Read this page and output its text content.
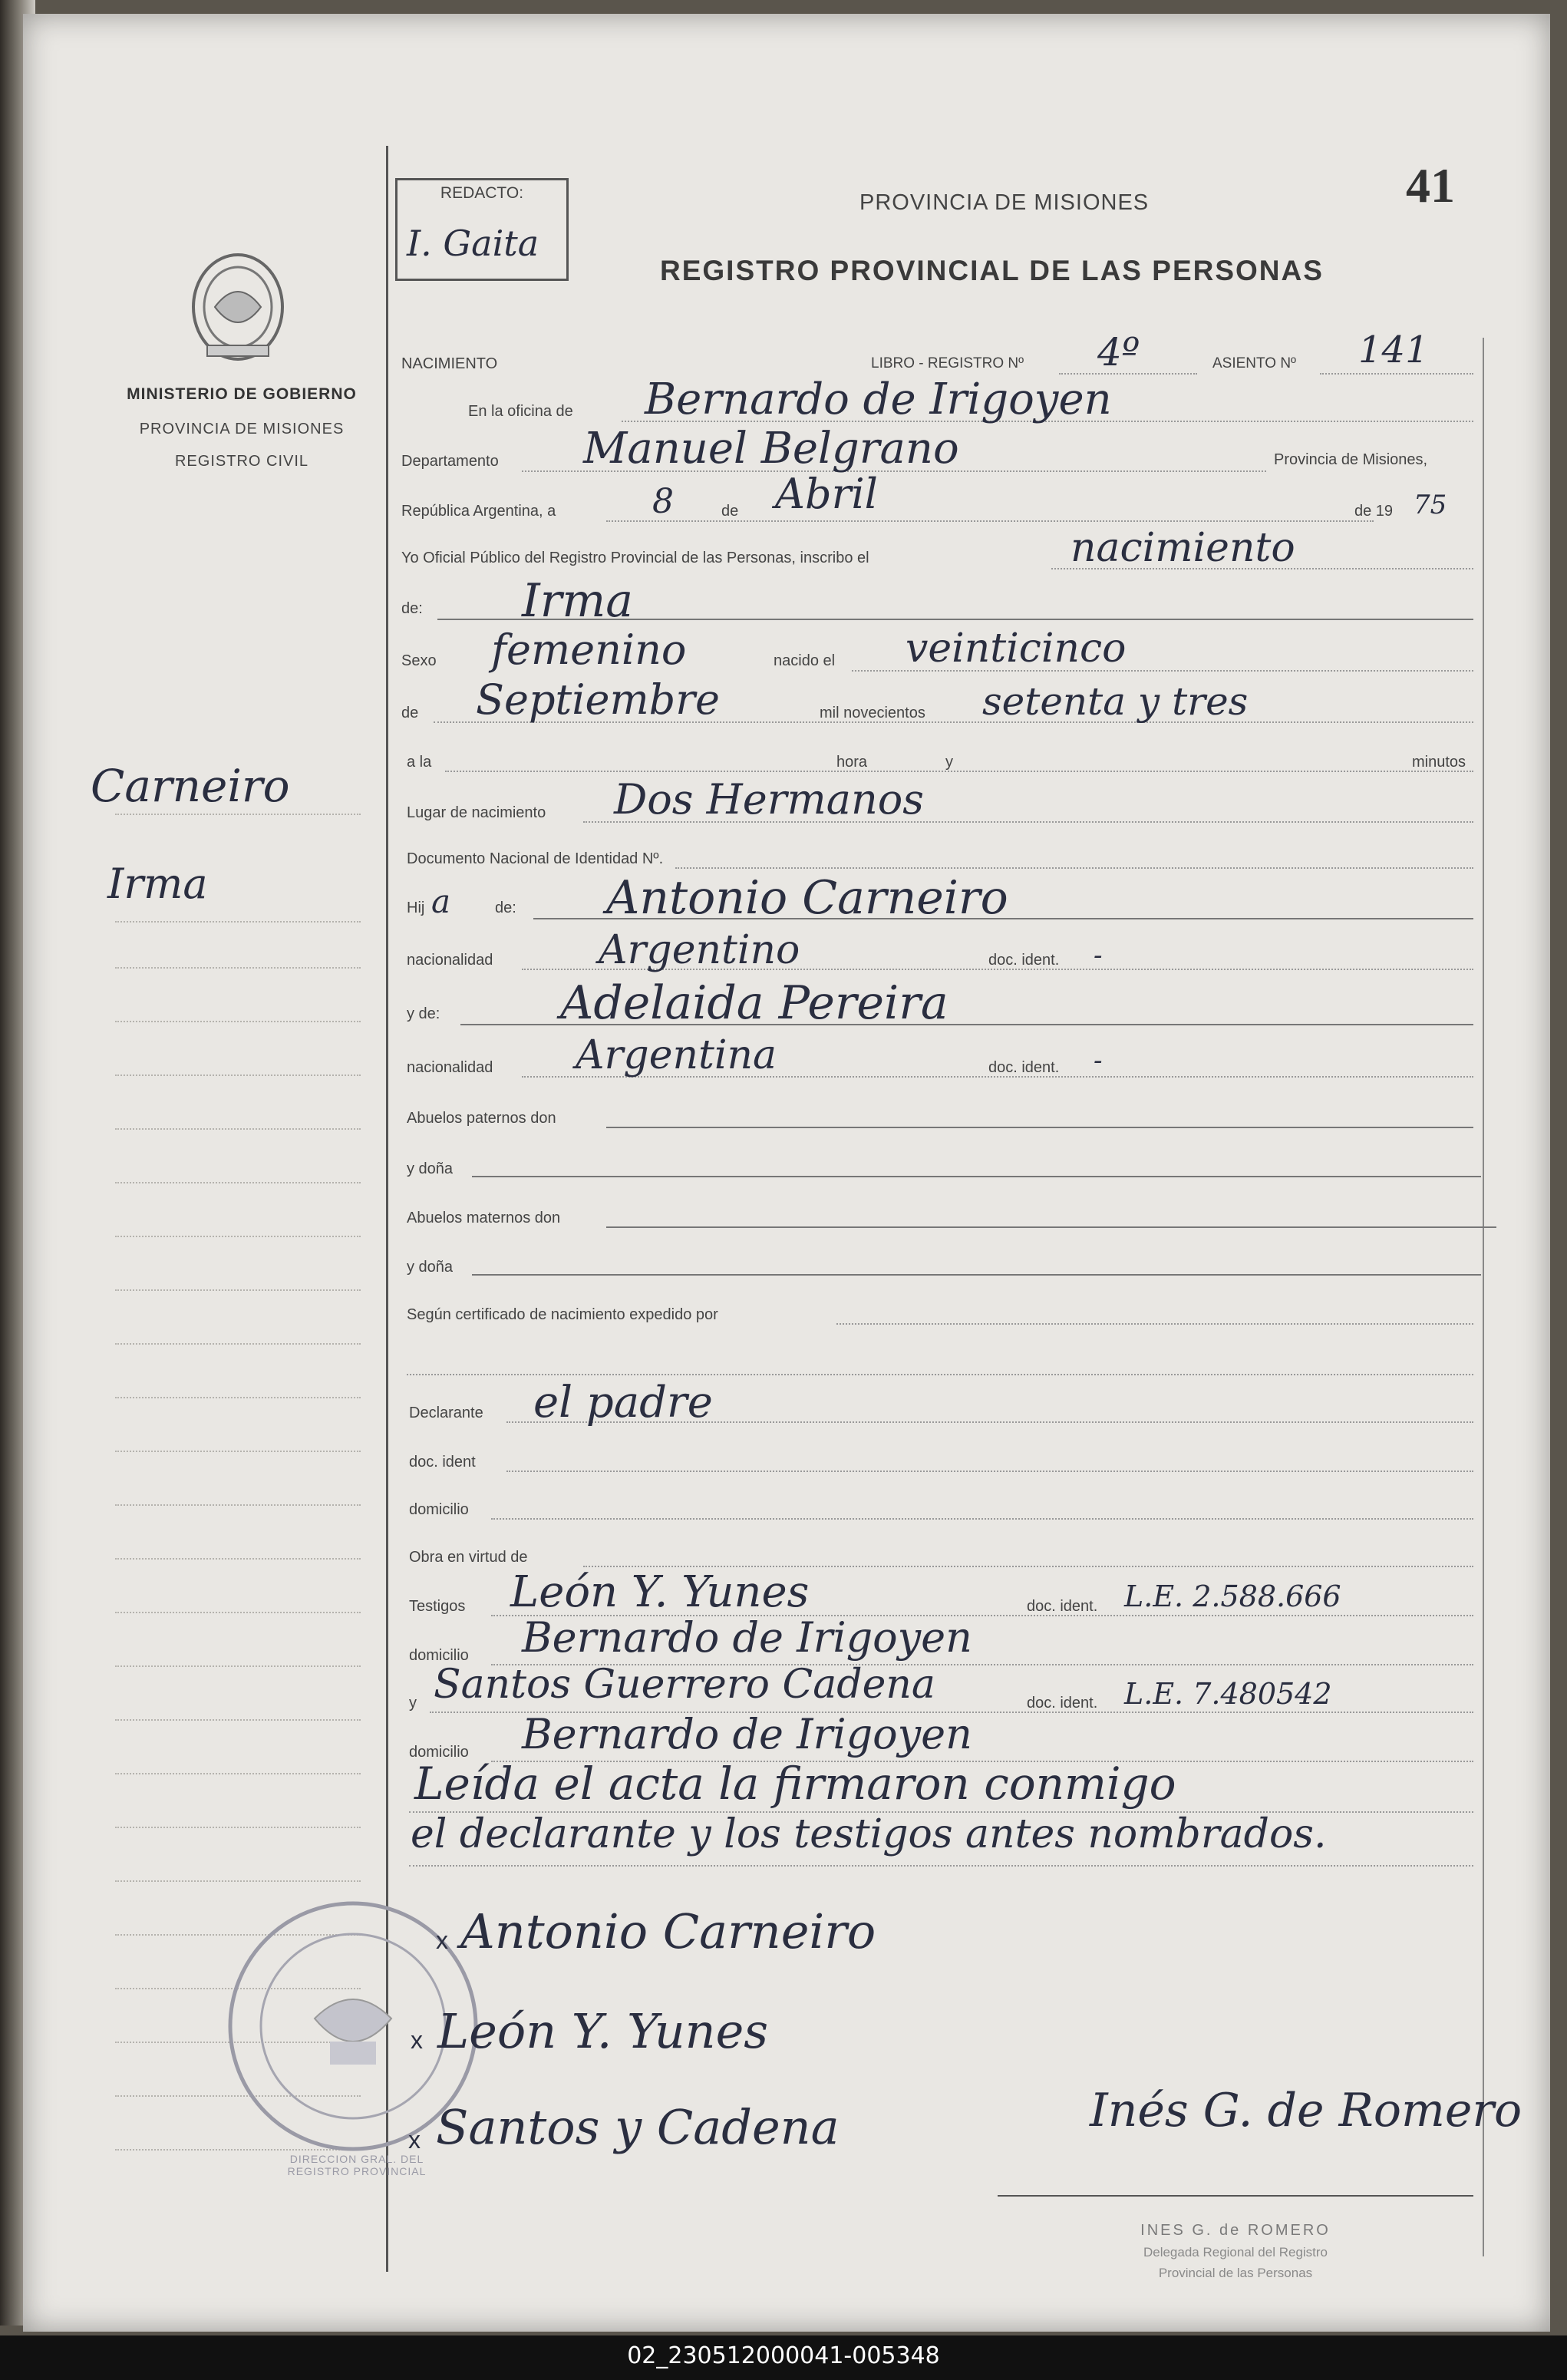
41
MINISTERIO DE GOBIERNO
PROVINCIA DE MISIONES
REGISTRO CIVIL
Carneiro
Irma
REDACTO:
I. Gaita
PROVINCIA DE MISIONES
REGISTRO PROVINCIAL DE LAS PERSONAS
NACIMIENTO	LIBRO - REGISTRO Nº 4º	ASIENTO Nº 141
En la oficina de Bernardo de Irigoyen
Departamento Manuel Belgrano	Provincia de Misiones,
República Argentina, a	8	de Abril	de 19 75
Yo Oficial Público del Registro Provincial de las Personas, inscribo el	nacimiento
de: Irma
Sexo femenino	nacido el veinticinco
de Septiembre	mil novecientos setenta y tres
a la	hora	y	minutos
Lugar de nacimiento Dos Hermanos
Documento Nacional de Identidad Nº.
Hij a	de: Antonio Carneiro
nacionalidad	Argentino	doc. ident. -
y de:	Adelaida Pereira
nacionalidad Argentina	doc. ident. -
Abuelos paternos don
y doña
Abuelos maternos don
y doña
Según certificado de nacimiento expedido por
Declarante el padre
doc. ident
domicilio
Obra en virtud de
Testigos León Y. Yunes	doc. ident. L.E. 2.588.666
domicilio Bernardo de Irigoyen
y Santos Guerrero Cadena	doc. ident. L.E. 7.480542
domicilio Bernardo de Irigoyen
Leída el acta la firmaron conmigo
el declarante y los testigos antes nombrados.
DIRECCION GRAL. DEL REGISTRO PROVINCIAL
x Antonio Carneiro
x León Y. Yunes
x Santos y Cadena	Inés G. de Romero
INES G. de ROMERO
Delegada Regional del Registro
Provincial de las Personas
02_230512000041-005348
